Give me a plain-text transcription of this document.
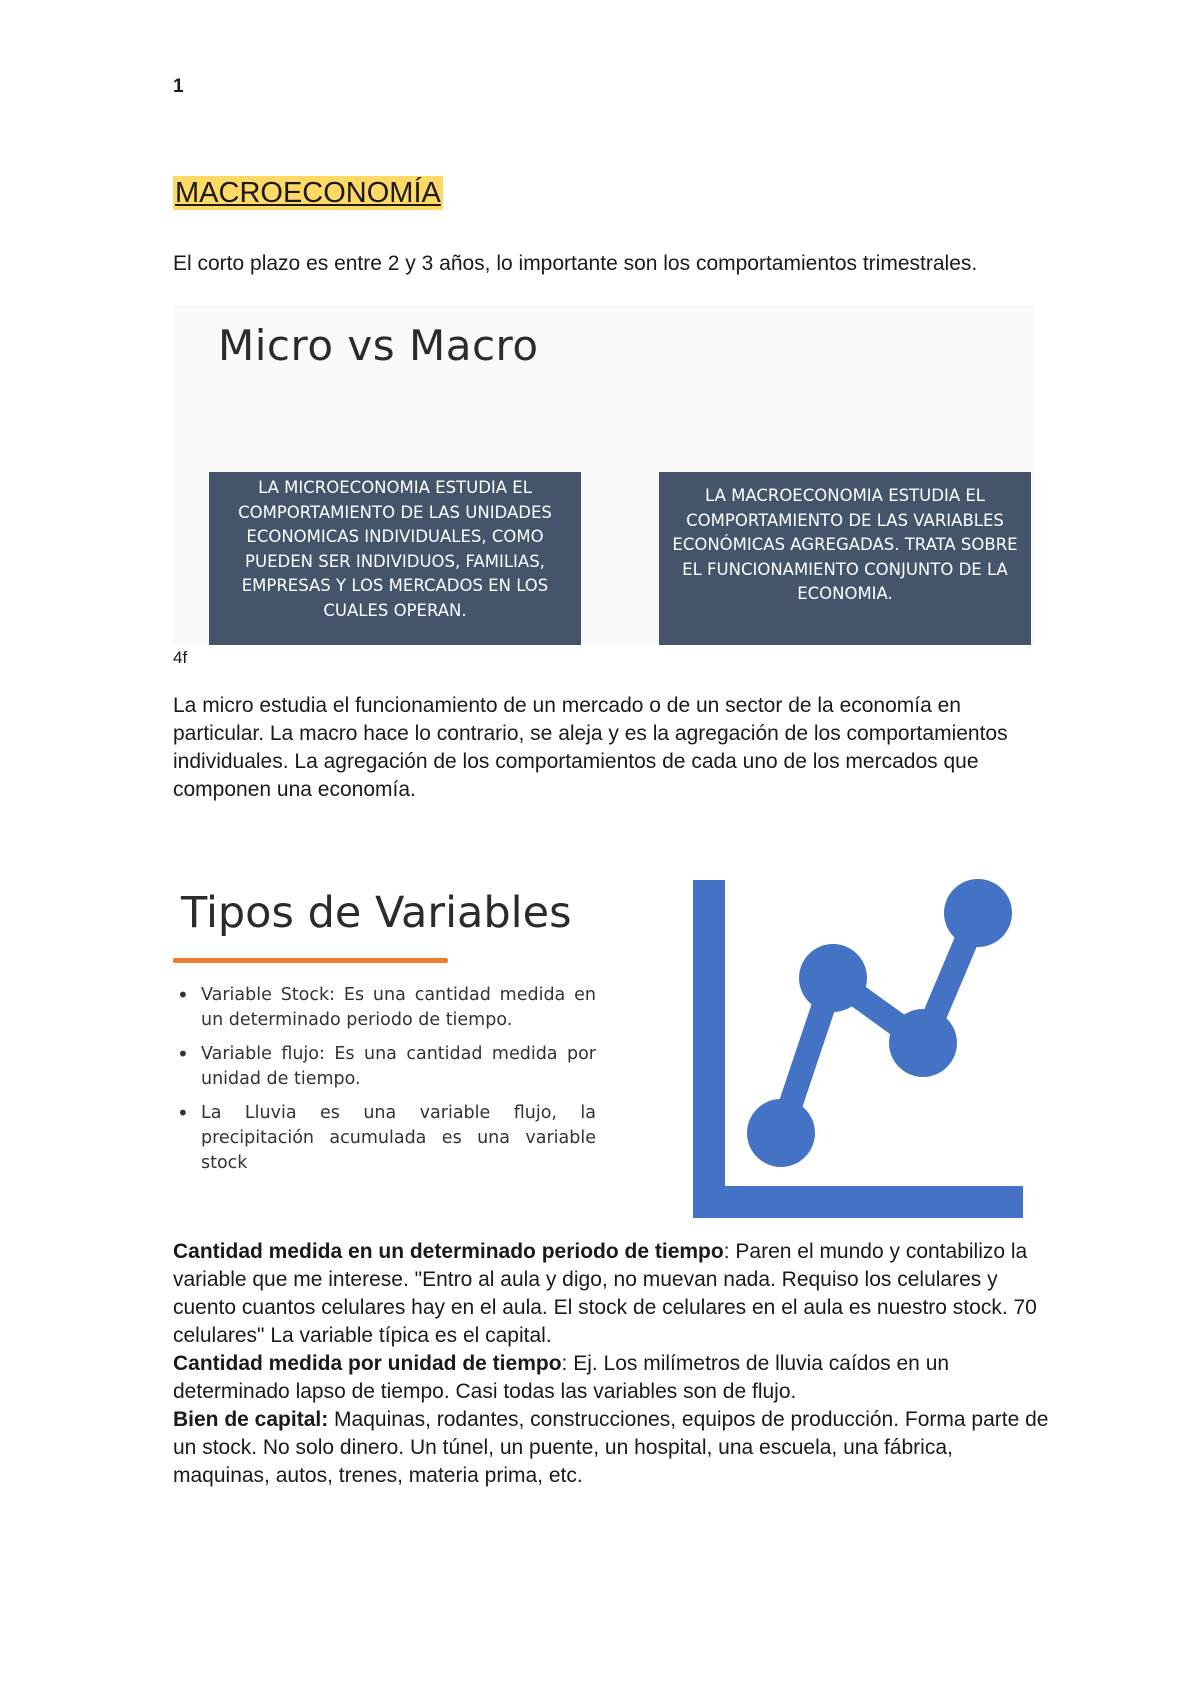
1
MACROECONOMÍA

El corto plazo es entre 2 y 3 años, lo importante son los comportamientos trimestrales.

Micro vs Macro
LA MICROECONOMIA ESTUDIA EL COMPORTAMIENTO DE LAS UNIDADES ECONOMICAS INDIVIDUALES, COMO PUEDEN SER INDIVIDUOS, FAMILIAS, EMPRESAS Y LOS MERCADOS EN LOS CUALES OPERAN.
LA MACROECONOMIA ESTUDIA EL COMPORTAMIENTO DE LAS VARIABLES ECONÓMICAS AGREGADAS. TRATA SOBRE EL FUNCIONAMIENTO CONJUNTO DE LA ECONOMIA.
4f

La micro estudia el funcionamiento de un mercado o de un sector de la economía en particular. La macro hace lo contrario, se aleja y es la agregación de los comportamientos individuales. La agregación de los comportamientos de cada uno de los mercados que componen una economía.

Tipos de Variables
• Variable Stock: Es una cantidad medida en un determinado periodo de tiempo.
• Variable flujo: Es una cantidad medida por unidad de tiempo.
• La Lluvia es una variable flujo, la precipitación acumulada es una variable stock

Cantidad medida en un determinado periodo de tiempo: Paren el mundo y contabilizo la variable que me interese. "Entro al aula y digo, no muevan nada. Requiso los celulares y cuento cuantos celulares hay en el aula. El stock de celulares en el aula es nuestro stock. 70 celulares" La variable típica es el capital.
Cantidad medida por unidad de tiempo: Ej. Los milímetros de lluvia caídos en un determinado lapso de tiempo. Casi todas las variables son de flujo.
Bien de capital: Maquinas, rodantes, construcciones, equipos de producción. Forma parte de un stock. No solo dinero. Un túnel, un puente, un hospital, una escuela, una fábrica, maquinas, autos, trenes, materia prima, etc.
